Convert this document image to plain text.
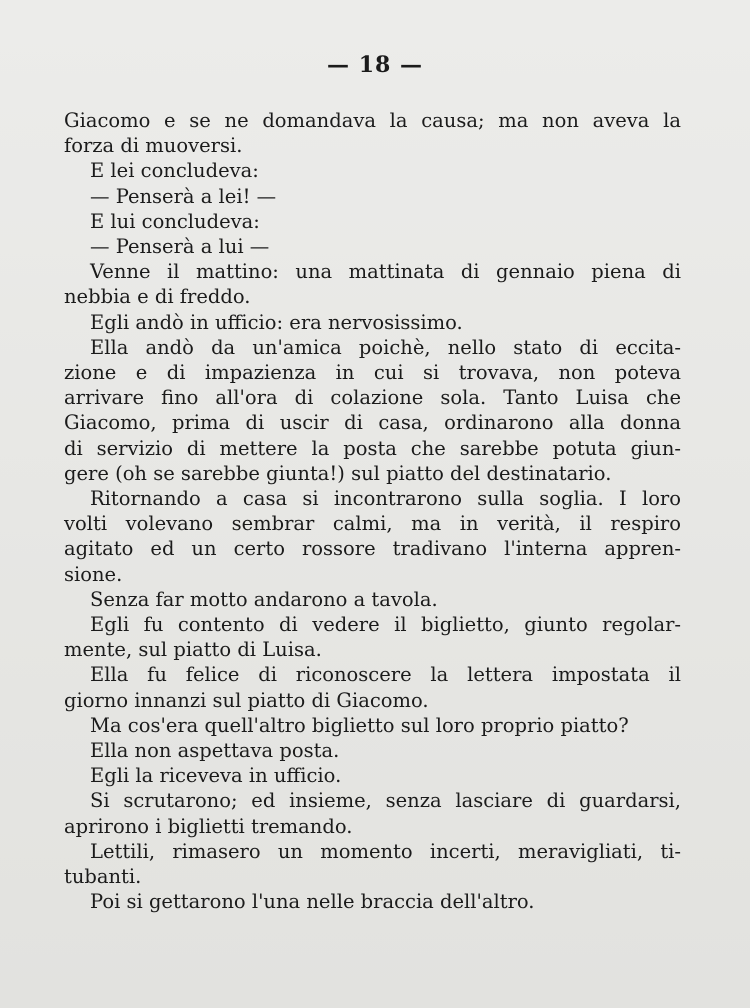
— 18 —
Giacomo e se ne domandava la causa; ma non aveva la
forza di muoversi.
E lei concludeva:
— Penserà a lei! —
E lui concludeva:
— Penserà a lui —
Venne il mattino: una mattinata di gennaio piena di
nebbia e di freddo.
Egli andò in ufficio: era nervosissimo.
Ella andò da un'amica poichè, nello stato di eccita-
zione e di impazienza in cui si trovava, non poteva
arrivare fino all'ora di colazione sola. Tanto Luisa che
Giacomo, prima di uscir di casa, ordinarono alla donna
di servizio di mettere la posta che sarebbe potuta giun-
gere (oh se sarebbe giunta!) sul piatto del destinatario.
Ritornando a casa si incontrarono sulla soglia. I loro
volti volevano sembrar calmi, ma in verità, il respiro
agitato ed un certo rossore tradivano l'interna appren-
sione.
Senza far motto andarono a tavola.
Egli fu contento di vedere il biglietto, giunto regolar-
mente, sul piatto di Luisa.
Ella fu felice di riconoscere la lettera impostata il
giorno innanzi sul piatto di Giacomo.
Ma cos'era quell'altro biglietto sul loro proprio piatto?
Ella non aspettava posta.
Egli la riceveva in ufficio.
Si scrutarono; ed insieme, senza lasciare di guardarsi,
aprirono i biglietti tremando.
Lettili, rimasero un momento incerti, meravigliati, ti-
tubanti.
Poi si gettarono l'una nelle braccia dell'altro.
